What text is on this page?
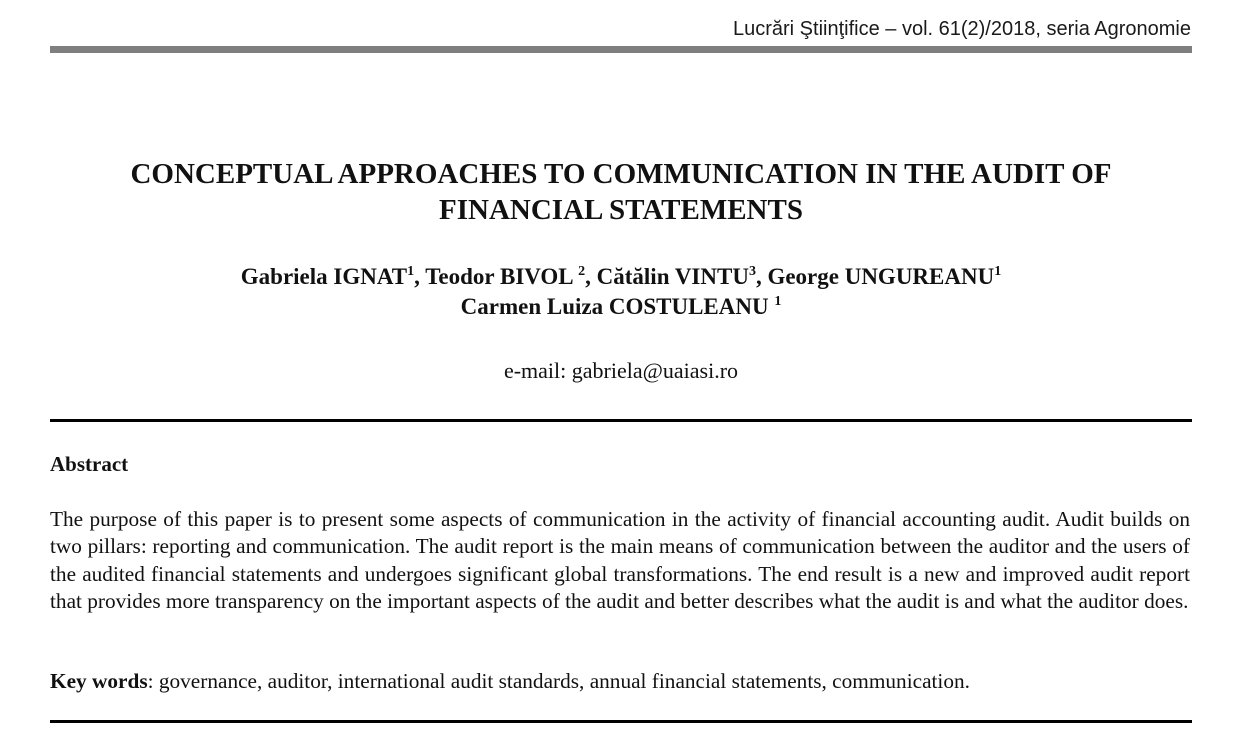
Lucrări Ştiinţifice – vol. 61(2)/2018, seria Agronomie
CONCEPTUAL APPROACHES TO COMMUNICATION IN THE AUDIT OF
FINANCIAL STATEMENTS
Gabriela IGNAT$^1$, Teodor BIVOL $^2$, Cătălin VINTU$^3$, George UNGUREANU$^1$
Carmen Luiza COSTULEANU $^1$
e-mail: gabriela@uaiasi.ro
Abstract

The purpose of this paper is to present some aspects of communication in the activity of financial accounting audit. Audit builds on two pillars: reporting and communication. The audit report is the main means of communication between the auditor and the users of the audited financial statements and undergoes significant global transformations. The end result is a new and improved audit report that provides more transparency on the important aspects of the audit and better describes what the audit is and what the auditor does.

Key words: governance, auditor, international audit standards, annual financial statements, communication.
